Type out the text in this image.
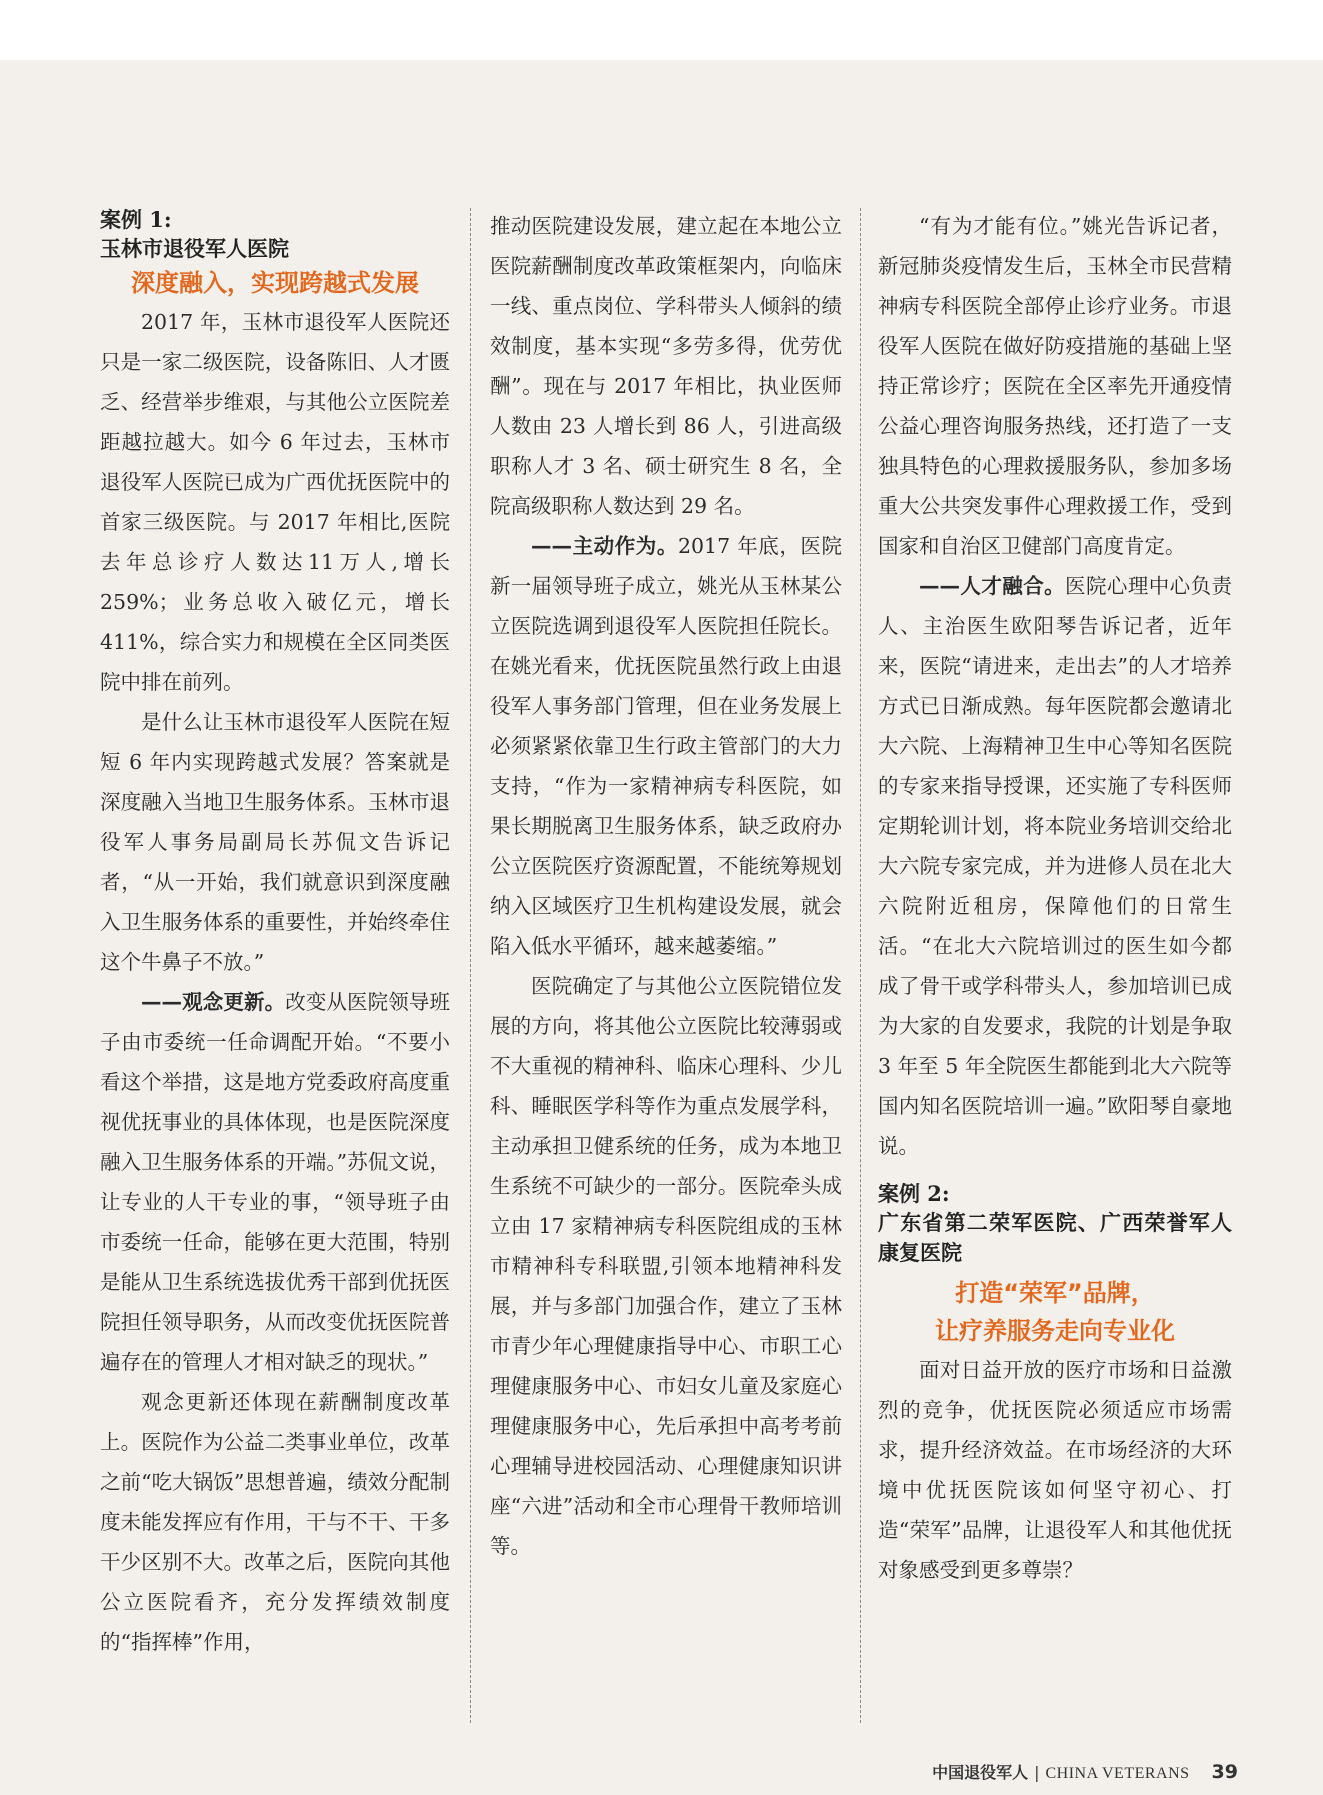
案例 1:
玉林市退役军人医院
深度融入，实现跨越式发展

2017 年，玉林市退役军人医院还只是一家二级医院，设备陈旧、人才匮乏、经营举步维艰，与其他公立医院差距越拉越大。如今 6 年过去，玉林市退役军人医院已成为广西优抚医院中的首家三级医院。与 2017 年相比,医院去年总诊疗人数达11万人,增长 259%；业务总收入破亿元，增长 411%，综合实力和规模在全区同类医院中排在前列。

是什么让玉林市退役军人医院在短短 6 年内实现跨越式发展？答案就是深度融入当地卫生服务体系。玉林市退役军人事务局副局长苏侃文告诉记者，“从一开始，我们就意识到深度融入卫生服务体系的重要性，并始终牵住这个牛鼻子不放。”

——观念更新。改变从医院领导班子由市委统一任命调配开始。“不要小看这个举措，这是地方党委政府高度重视优抚事业的具体体现，也是医院深度融入卫生服务体系的开端。”苏侃文说，让专业的人干专业的事，“领导班子由市委统一任命，能够在更大范围，特别是能从卫生系统选拔优秀干部到优抚医院担任领导职务，从而改变优抚医院普遍存在的管理人才相对缺乏的现状。”

观念更新还体现在薪酬制度改革上。医院作为公益二类事业单位，改革之前“吃大锅饭”思想普遍，绩效分配制度未能发挥应有作用，干与不干、干多干少区别不大。改革之后，医院向其他公立医院看齐，充分发挥绩效制度的“指挥棒”作用，

推动医院建设发展，建立起在本地公立医院薪酬制度改革政策框架内，向临床一线、重点岗位、学科带头人倾斜的绩效制度，基本实现“多劳多得，优劳优酬”。现在与 2017 年相比，执业医师人数由 23 人增长到 86 人，引进高级职称人才 3 名、硕士研究生 8 名，全院高级职称人数达到 29 名。

——主动作为。2017 年底，医院新一届领导班子成立，姚光从玉林某公立医院选调到退役军人医院担任院长。在姚光看来，优抚医院虽然行政上由退役军人事务部门管理，但在业务发展上必须紧紧依靠卫生行政主管部门的大力支持，“作为一家精神病专科医院，如果长期脱离卫生服务体系，缺乏政府办公立医院医疗资源配置，不能统筹规划纳入区域医疗卫生机构建设发展，就会陷入低水平循环，越来越萎缩。”

医院确定了与其他公立医院错位发展的方向，将其他公立医院比较薄弱或不大重视的精神科、临床心理科、少儿科、睡眠医学科等作为重点发展学科，主动承担卫健系统的任务，成为本地卫生系统不可缺少的一部分。医院牵头成立由 17 家精神病专科医院组成的玉林市精神科专科联盟,引领本地精神科发展，并与多部门加强合作，建立了玉林市青少年心理健康指导中心、市职工心理健康服务中心、市妇女儿童及家庭心理健康服务中心，先后承担中高考考前心理辅导进校园活动、心理健康知识讲座“六进”活动和全市心理骨干教师培训等。

“有为才能有位。”姚光告诉记者，新冠肺炎疫情发生后，玉林全市民营精神病专科医院全部停止诊疗业务。市退役军人医院在做好防疫措施的基础上坚持正常诊疗；医院在全区率先开通疫情公益心理咨询服务热线，还打造了一支独具特色的心理救援服务队，参加多场重大公共突发事件心理救援工作，受到国家和自治区卫健部门高度肯定。

——人才融合。医院心理中心负责人、主治医生欧阳琴告诉记者，近年来，医院“请进来，走出去”的人才培养方式已日渐成熟。每年医院都会邀请北大六院、上海精神卫生中心等知名医院的专家来指导授课，还实施了专科医师定期轮训计划，将本院业务培训交给北大六院专家完成，并为进修人员在北大六院附近租房，保障他们的日常生活。“在北大六院培训过的医生如今都成了骨干或学科带头人，参加培训已成为大家的自发要求，我院的计划是争取 3 年至 5 年全院医生都能到北大六院等国内知名医院培训一遍。”欧阳琴自豪地说。

案例 2:
广东省第二荣军医院、广西荣誉军人康复医院
打造“荣军”品牌，
让疗养服务走向专业化

面对日益开放的医疗市场和日益激烈的竞争，优抚医院必须适应市场需求，提升经济效益。在市场经济的大环境中优抚医院该如何坚守初心、打造“荣军”品牌，让退役军人和其他优抚对象感受到更多尊崇？

中国退役军人 | CHINA VETERANS 39
